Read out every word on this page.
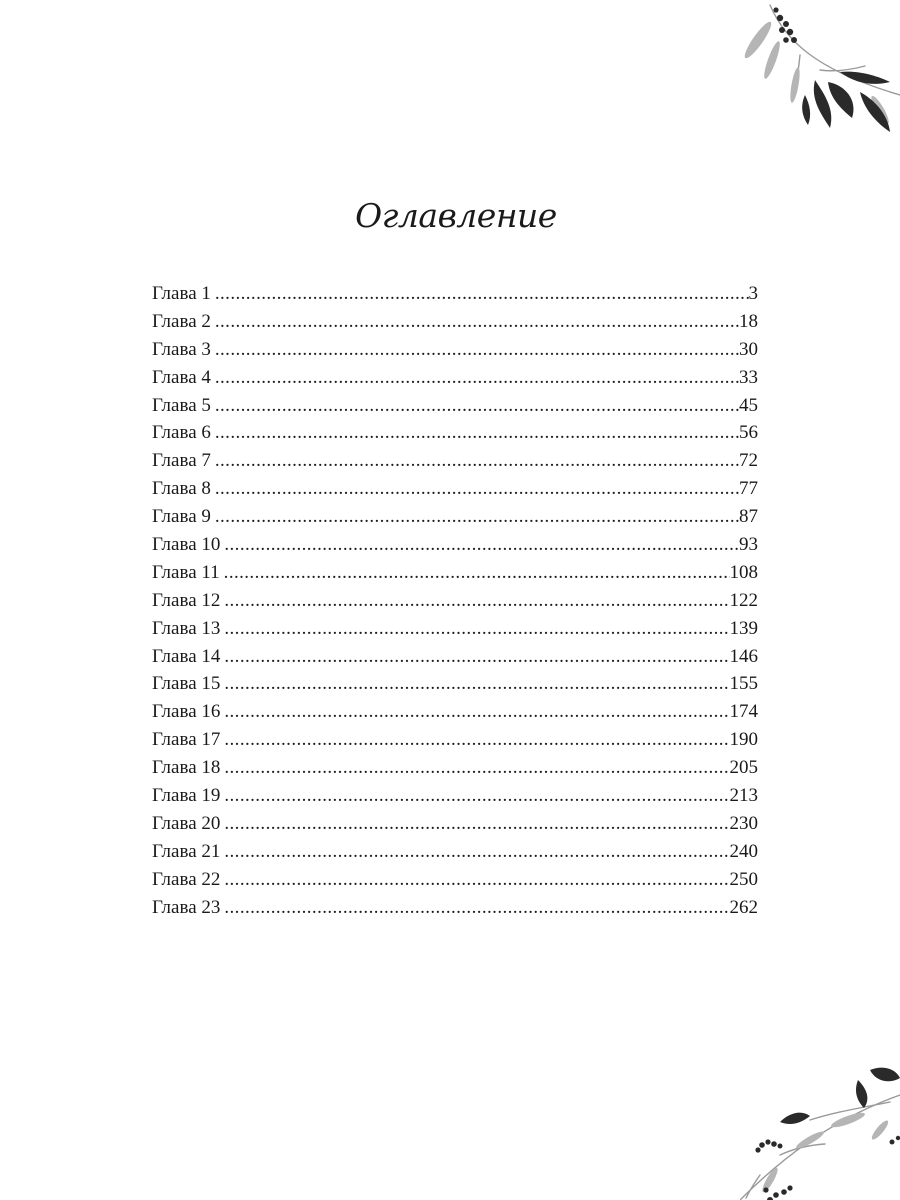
Оглавление
Глава 1 .....	3
Глава 2 .....	18
Глава 3 .....	30
Глава 4 .....	33
Глава 5 .....	45
Глава 6 .....	56
Глава 7 .....	72
Глава 8 .....	77
Глава 9 .....	87
Глава 10 .....	93
Глава 11 .....	108
Глава 12 .....	122
Глава 13 .....	139
Глава 14 .....	146
Глава 15 .....	155
Глава 16 .....	174
Глава 17 .....	190
Глава 18 .....	205
Глава 19 .....	213
Глава 20 .....	230
Глава 21 .....	240
Глава 22 .....	250
Глава 23 .....	262
